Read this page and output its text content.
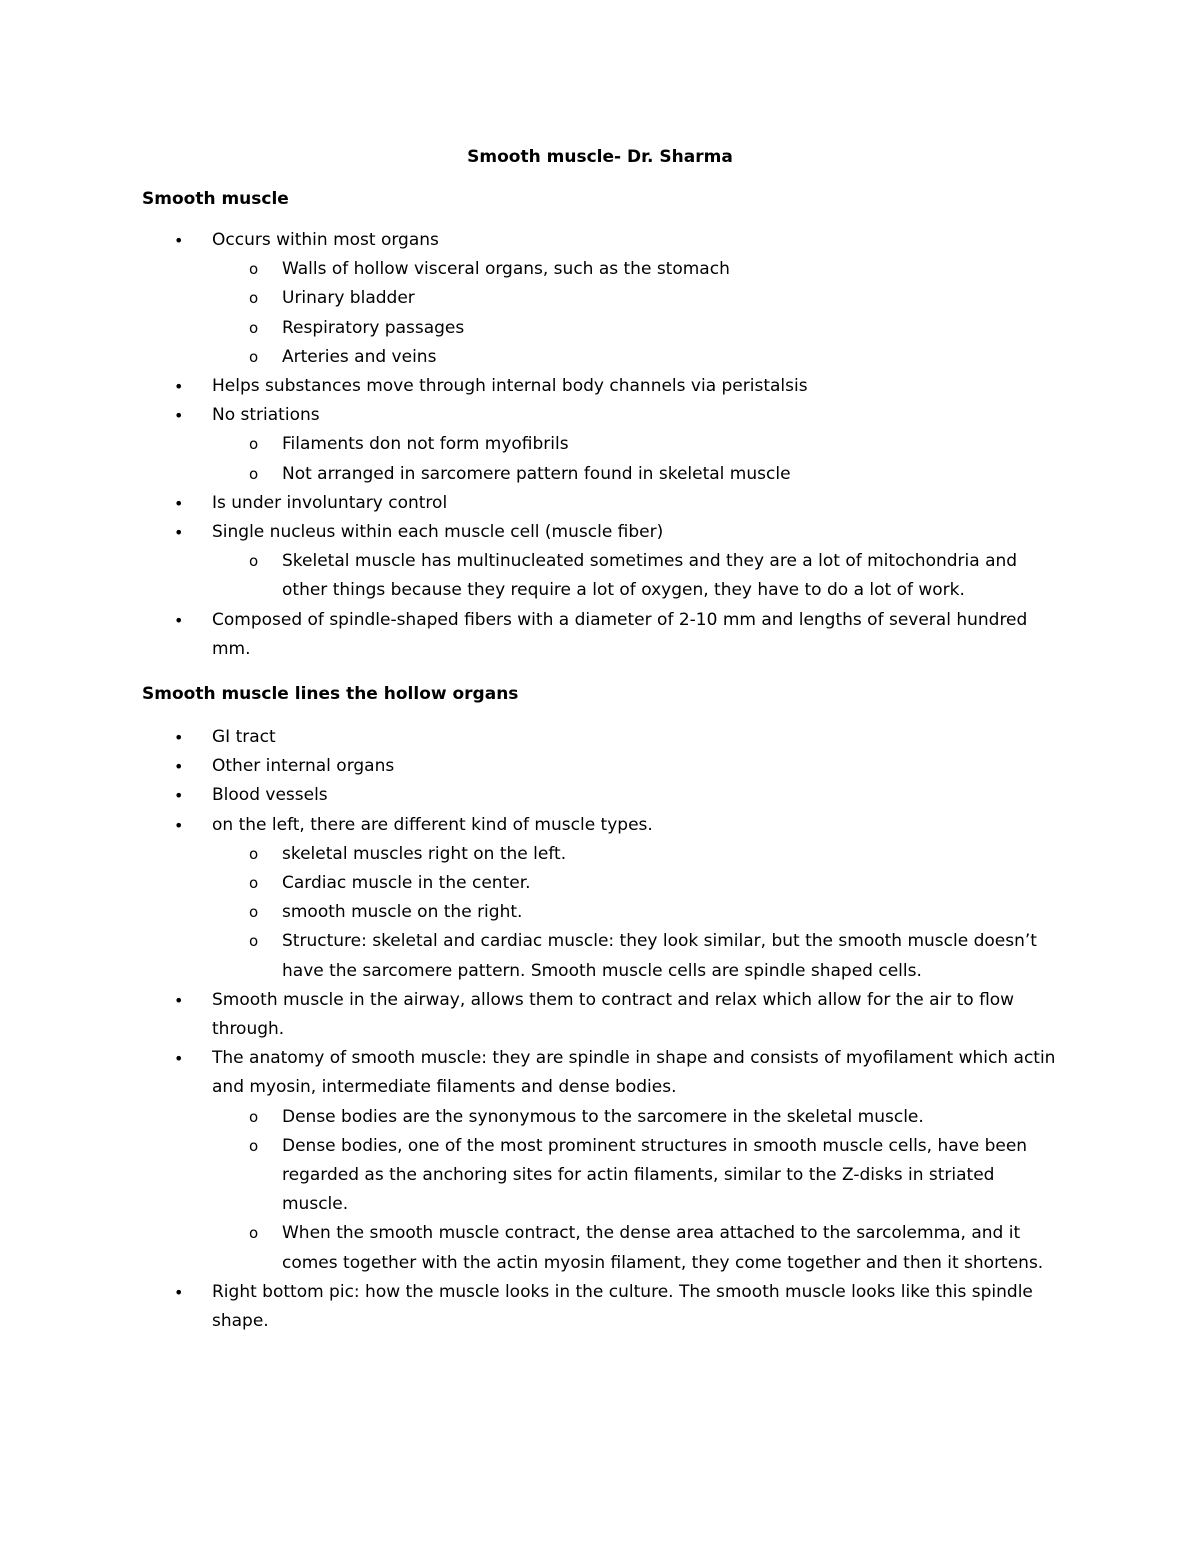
Smooth muscle- Dr. Sharma
Smooth muscle
• Occurs within most organs
o Walls of hollow visceral organs, such as the stomach
o Urinary bladder
o Respiratory passages
o Arteries and veins
• Helps substances move through internal body channels via peristalsis
• No striations
o Filaments don not form myofibrils
o Not arranged in sarcomere pattern found in skeletal muscle
• Is under involuntary control
• Single nucleus within each muscle cell (muscle fiber)
o Skeletal muscle has multinucleated sometimes and they are a lot of mitochondria and other things because they require a lot of oxygen, they have to do a lot of work.
• Composed of spindle-shaped fibers with a diameter of 2-10 mm and lengths of several hundred mm.
Smooth muscle lines the hollow organs
• GI tract
• Other internal organs
• Blood vessels
• on the left, there are different kind of muscle types.
o skeletal muscles right on the left.
o Cardiac muscle in the center.
o smooth muscle on the right.
o Structure: skeletal and cardiac muscle: they look similar, but the smooth muscle doesn’t have the sarcomere pattern. Smooth muscle cells are spindle shaped cells.
• Smooth muscle in the airway, allows them to contract and relax which allow for the air to flow through.
• The anatomy of smooth muscle: they are spindle in shape and consists of myofilament which actin and myosin, intermediate filaments and dense bodies.
o Dense bodies are the synonymous to the sarcomere in the skeletal muscle.
o Dense bodies, one of the most prominent structures in smooth muscle cells, have been regarded as the anchoring sites for actin filaments, similar to the Z-disks in striated muscle.
o When the smooth muscle contract, the dense area attached to the sarcolemma, and it comes together with the actin myosin filament, they come together and then it shortens.
• Right bottom pic: how the muscle looks in the culture. The smooth muscle looks like this spindle shape.
